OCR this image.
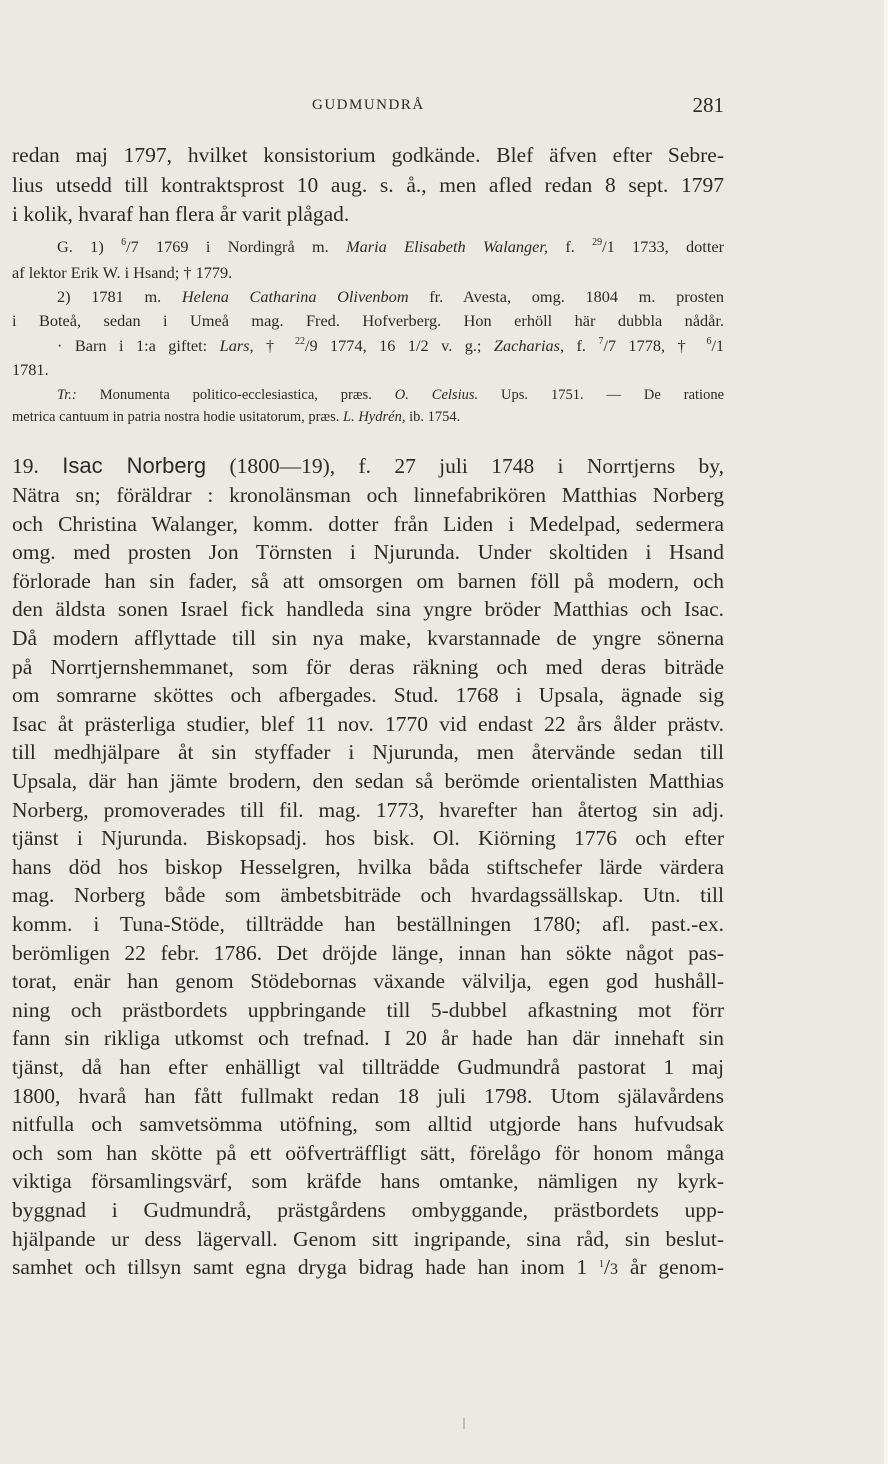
GUDMUNDRÅ	281
redan maj 1797, hvilket konsistorium godkände. Blef äfven efter Sebre-
lius utsedd till kontraktsprost 10 aug. s. å., men afled redan 8 sept. 1797
i kolik, hvaraf han flera år varit plågad.
G. 1) $^6$/7 1769 i Nordingrå m. Maria Elisabeth Walanger, f. $^{29}$/1 1733, dotter
af lektor Erik W. i Hsand; † 1779.
2) 1781 m. Helena Catharina Olivenbom fr. Avesta, omg. 1804 m. prosten
i Boteå, sedan i Umeå mag. Fred. Hofverberg. Hon erhöll här dubbla nådår.
· Barn i 1:a giftet: Lars, † $^{22}$/9 1774, 16 1/2 v. g.; Zacharias, f. $^7$/7 1778, † $^6$/1
1781.
Tr.: Monumenta politico-ecclesiastica, præs. O. Celsius. Ups. 1751. — De ratione
metrica cantuum in patria nostra hodie usitatorum, præs. L. Hydrén, ib. 1754.
19. Isac Norberg (1800—19), f. 27 juli 1748 i Norrtjerns by,
Nätra sn; föräldrar : kronolänsman och linnefabrikören Matthias Norberg
och Christina Walanger, komm. dotter från Liden i Medelpad, sedermera
omg. med prosten Jon Törnsten i Njurunda. Under skoltiden i Hsand
förlorade han sin fader, så att omsorgen om barnen föll på modern, och
den äldsta sonen Israel fick handleda sina yngre bröder Matthias och Isac.
Då modern afflyttade till sin nya make, kvarstannade de yngre sönerna
på Norrtjernshemmanet, som för deras räkning och med deras biträde
om somrarne sköttes och afbergades. Stud. 1768 i Upsala, ägnade sig
Isac åt prästerliga studier, blef 11 nov. 1770 vid endast 22 års ålder prästv.
till medhjälpare åt sin styffader i Njurunda, men återvände sedan till
Upsala, där han jämte brodern, den sedan så berömde orientalisten Matthias
Norberg, promoverades till fil. mag. 1773, hvarefter han återtog sin adj.
tjänst i Njurunda. Biskopsadj. hos bisk. Ol. Kiörning 1776 och efter
hans död hos biskop Hesselgren, hvilka båda stiftschefer lärde värdera
mag. Norberg både som ämbetsbiträde och hvardagssällskap. Utn. till
komm. i Tuna-Stöde, tillträdde han beställningen 1780; afl. past.-ex.
berömligen 22 febr. 1786. Det dröjde länge, innan han sökte något pas-
torat, enär han genom Stödebornas växande välvilja, egen god hushåll-
ning och prästbordets uppbringande till 5-dubbel afkastning mot förr
fann sin rikliga utkomst och trefnad. I 20 år hade han där innehaft sin
tjänst, då han efter enhälligt val tillträdde Gudmundrå pastorat 1 maj
1800, hvarå han fått fullmakt redan 18 juli 1798. Utom själavårdens
nitfulla och samvetsömma utöfning, som alltid utgjorde hans hufvudsak
och som han skötte på ett oöfverträffligt sätt, förelågo för honom många
viktiga församlingsvärf, som kräfde hans omtanke, nämligen ny kyrk-
byggnad i Gudmundrå, prästgårdens ombyggande, prästbordets upp-
hjälpande ur dess lägervall. Genom sitt ingripande, sina råd, sin beslut-
samhet och tillsyn samt egna dryga bidrag hade han inom 1 $^1$/3 år genom-
